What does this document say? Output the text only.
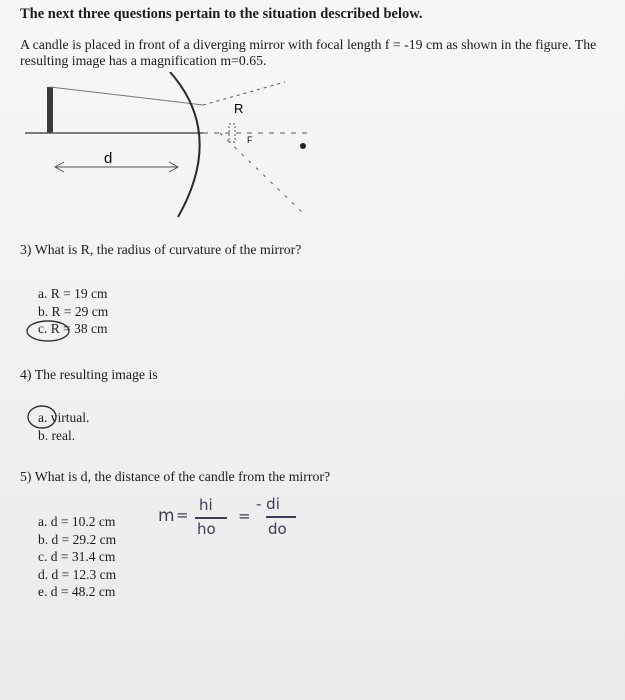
The next three questions pertain to the situation described below.
A candle is placed in front of a diverging mirror with focal length f = -19 cm as shown in the figure. The
resulting image has a magnification m=0.65.
R
F
d
3) What is R, the radius of curvature of the mirror?
a. R = 19 cm
b. R = 29 cm
c. R = 38 cm
4) The resulting image is
a. virtual.
b. real.
5) What is d, the distance of the candle from the mirror?
a. d = 10.2 cm
b. d = 29.2 cm
c. d = 31.4 cm
d. d = 12.3 cm
e. d = 48.2 cm
m =
hi
ho
=
- di
do
